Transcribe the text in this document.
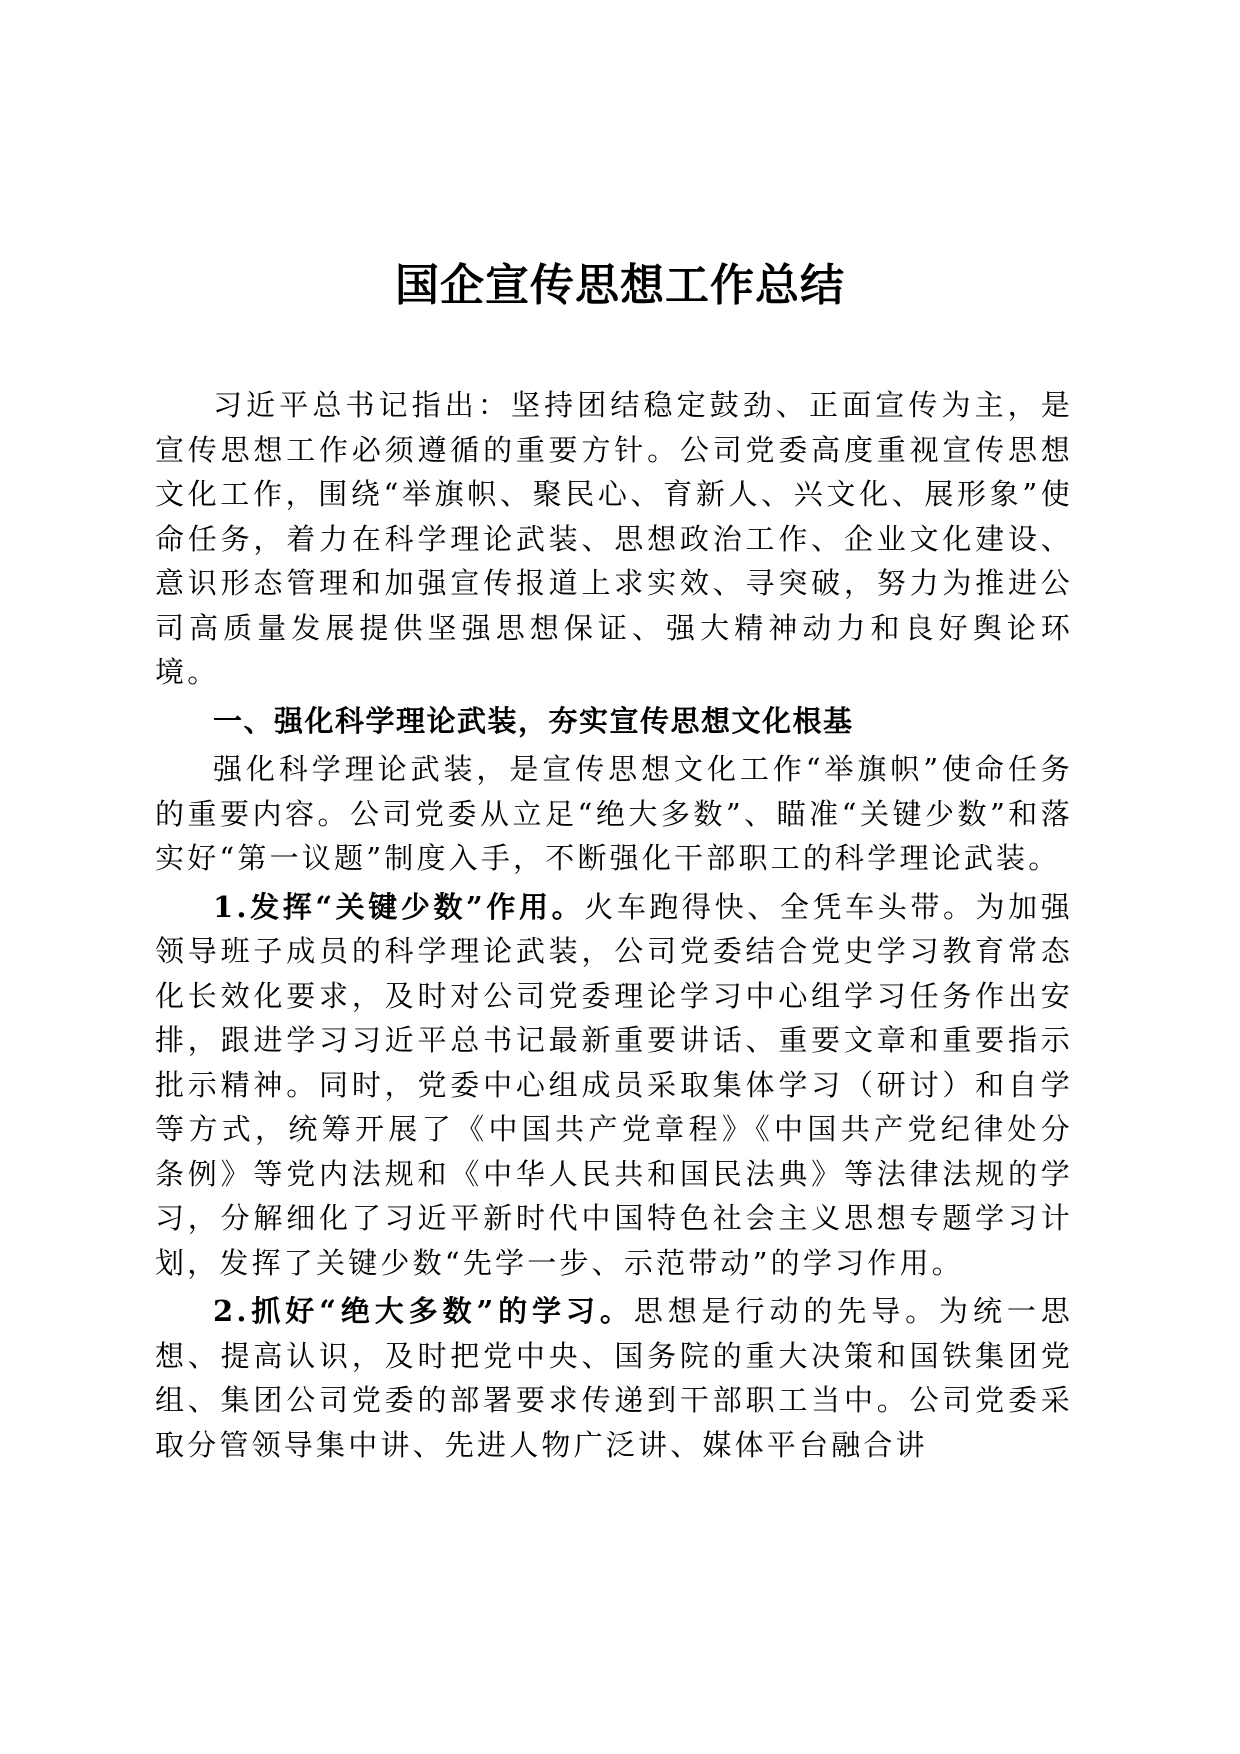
国企宣传思想工作总结

习近平总书记指出：坚持团结稳定鼓劲、正面宣传为主，是宣传思想工作必须遵循的重要方针。公司党委高度重视宣传思想文化工作，围绕“举旗帜、聚民心、育新人、兴文化、展形象”使命任务，着力在科学理论武装、思想政治工作、企业文化建设、意识形态管理和加强宣传报道上求实效、寻突破，努力为推进公司高质量发展提供坚强思想保证、强大精神动力和良好舆论环境。

一、强化科学理论武装，夯实宣传思想文化根基

强化科学理论武装，是宣传思想文化工作“举旗帜”使命任务的重要内容。公司党委从立足“绝大多数”、瞄准“关键少数”和落实好“第一议题”制度入手，不断强化干部职工的科学理论武装。

1.发挥“关键少数”作用。火车跑得快、全凭车头带。为加强领导班子成员的科学理论武装，公司党委结合党史学习教育常态化长效化要求，及时对公司党委理论学习中心组学习任务作出安排，跟进学习习近平总书记最新重要讲话、重要文章和重要指示批示精神。同时，党委中心组成员采取集体学习（研讨）和自学等方式，统筹开展了《中国共产党章程》《中国共产党纪律处分条例》等党内法规和《中华人民共和国民法典》等法律法规的学习，分解细化了习近平新时代中国特色社会主义思想专题学习计划，发挥了关键少数“先学一步、示范带动”的学习作用。

2.抓好“绝大多数”的学习。思想是行动的先导。为统一思想、提高认识，及时把党中央、国务院的重大决策和国铁集团党组、集团公司党委的部署要求传递到干部职工当中。公司党委采取分管领导集中讲、先进人物广泛讲、媒体平台融合讲
